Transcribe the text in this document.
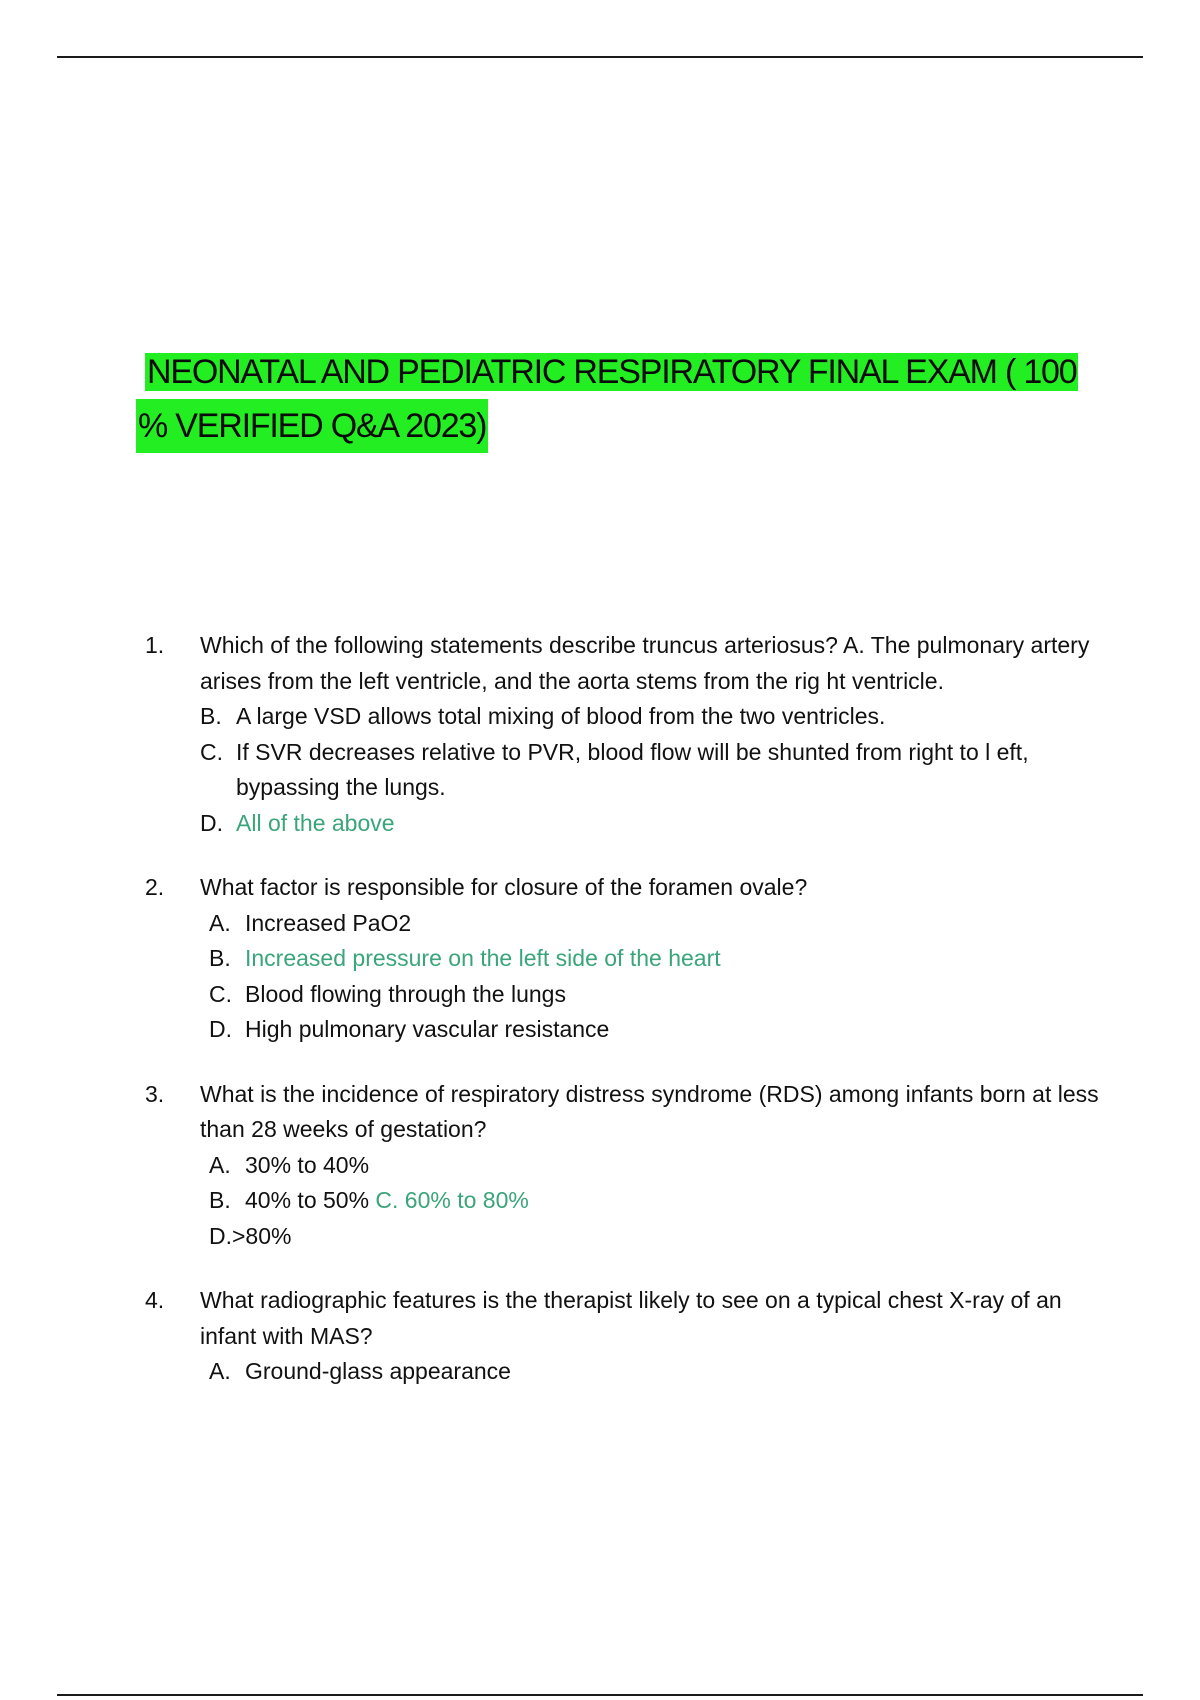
NEONATAL AND PEDIATRIC RESPIRATORY FINAL EXAM ( 100
% VERIFIED Q&A 2023)
1. Which of the following statements describe truncus arteriosus? A. The pulmonary artery arises from the left ventricle, and the aorta stems from the rig ht ventricle.
B. A large VSD allows total mixing of blood from the two ventricles.
C. If SVR decreases relative to PVR, blood flow will be shunted from right to l eft, bypassing the lungs.
D. All of the above
2. What factor is responsible for closure of the foramen ovale?
A. Increased PaO2
B. Increased pressure on the left side of the heart
C. Blood flowing through the lungs
D. High pulmonary vascular resistance
3. What is the incidence of respiratory distress syndrome (RDS) among infants born at less than 28 weeks of gestation?
A. 30% to 40%
B. 40% to 50% C. 60% to 80%
D.>80%
4. What radiographic features is the therapist likely to see on a typical chest X-ray of an infant with MAS?
A. Ground-glass appearance
